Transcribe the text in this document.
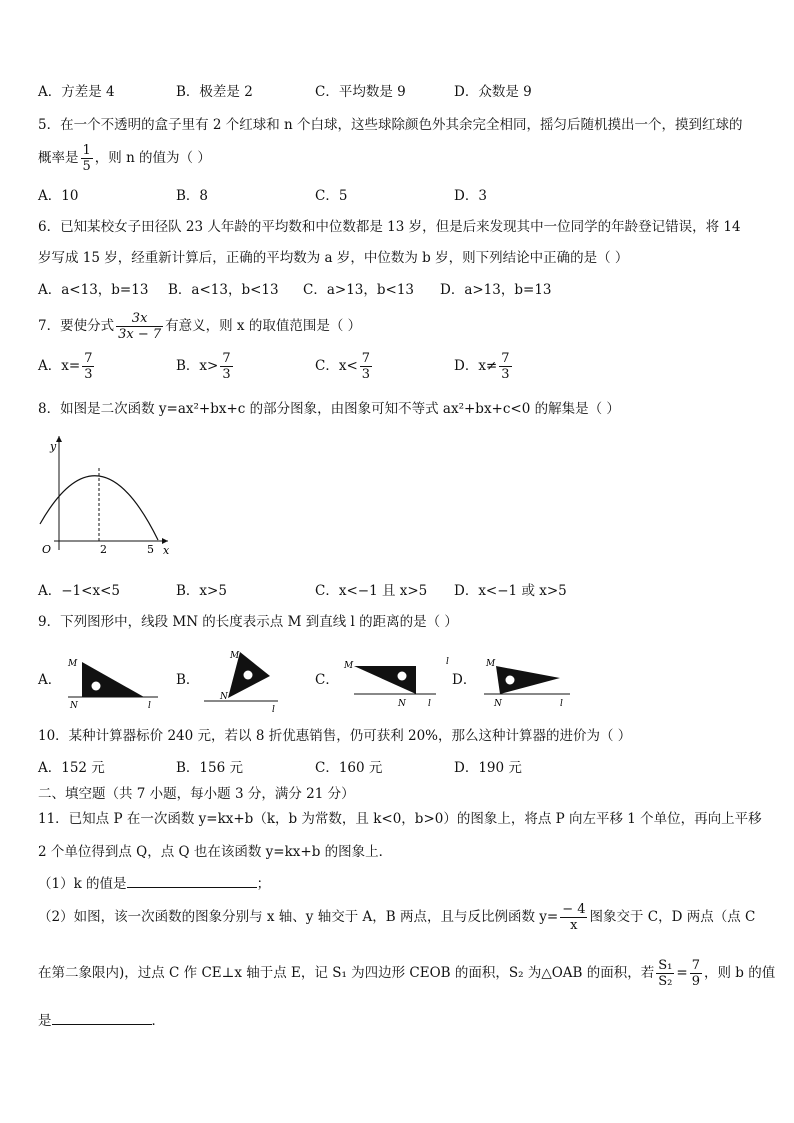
A．方差是 4	B．极差是 2	C．平均数是 9	D．众数是 9
5．在一个不透明的盒子里有 2 个红球和 n 个白球，这些球除颜色外其余完全相同，摇匀后随机摸出一个，摸到红球的
概率是 $\frac{1}{5}$ ，则 n 的值为（ ）
A．10	B．8	C．5	D．3
6．已知某校女子田径队 23 人年龄的平均数和中位数都是 13 岁，但是后来发现其中一位同学的年龄登记错误，将 14
岁写成 15 岁，经重新计算后，正确的平均数为 a 岁，中位数为 b 岁，则下列结论中正确的是（ ）
A．a<13，b=13 B．a<13，b<13 C．a>13，b<13 D．a>13，b=13
7．要使分式 $\frac{3x}{3x - 7}$ 有意义，则 x 的取值范围是（ ）
A．$x= \frac{7}{3}$	B．$x> \frac{7}{3}$	C．$x< \frac{7}{3}$	D．$x\ne \frac{7}{3}$
8．如图是二次函数 y=ax²+bx+c 的部分图象，由图象可知不等式 ax²+bx+c<0 的解集是（ ）
y
x
O	2	5
A．−1<x<5	B．x>5	C．x<−1 且 x>5 D．x<−1 或 x>5
9．下列图形中，线段 MN 的长度表示点 M 到直线 l 的距离的是（ ）
A．
M
N	l
B．
M
N
l
C．
M
N l
D．
l	M
N	l
10．某种计算器标价 240 元，若以 8 折优惠销售，仍可获利 20%，那么这种计算器的进价为（ ）
A．152 元	B．156 元	C．160 元	D．190 元
二、填空题（共 7 小题，每小题 3 分，满分 21 分）
11．已知点 P 在一次函数 y=kx+b（k，b 为常数，且 k<0，b>0）的图象上，将点 P 向左平移 1 个单位，再向上平移
2 个单位得到点 Q，点 Q 也在该函数 y=kx+b 的图象上．
（1）k 的值是	；
（2）如图，该一次函数的图象分别与 x 轴、y 轴交于 A，B 两点，且与反比例函数 $y= \frac{- 4}{x}$ 图象交于 C，D 两点（点 C
在第二象限内)，过点 C 作 CE⊥x 轴于点 E，记 S₁ 为四边形 CEOB 的面积，S₂ 为△OAB 的面积，若 $\frac{\text{S₁}}{\text{S₂}} = \frac{7}{9}$ ，则 b 的值
是	．
